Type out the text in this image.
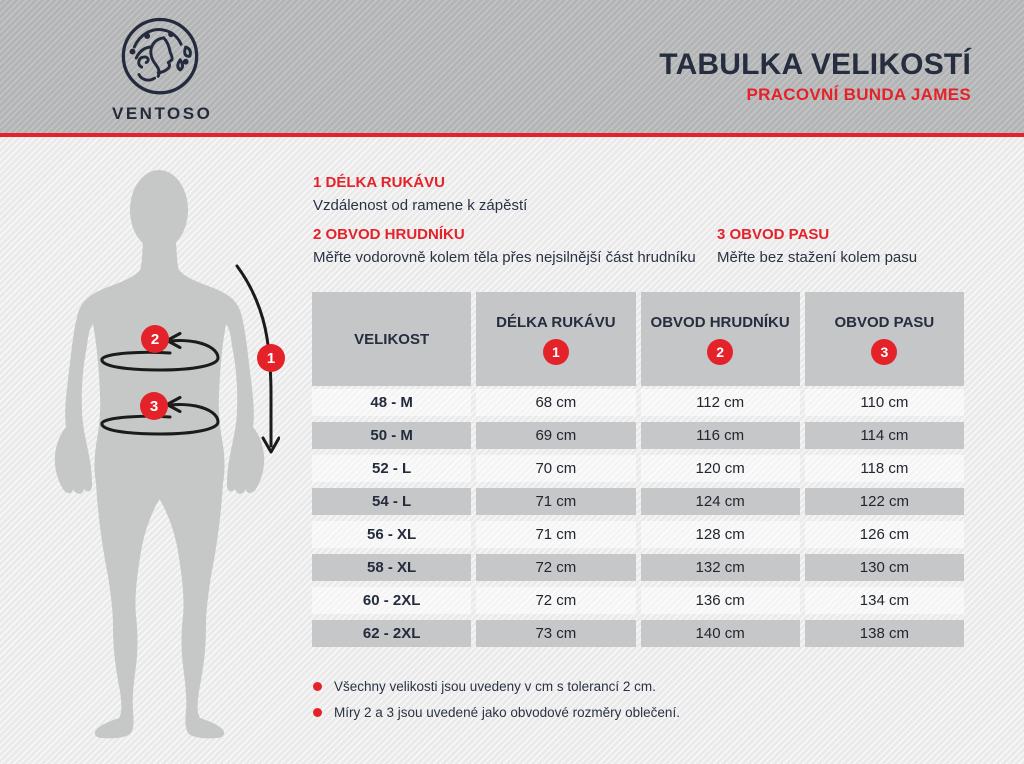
VENTOSO
TABULKA VELIKOSTÍ
PRACOVNÍ BUNDA JAMES
1
2
3
1 DÉLKA RUKÁVU
Vzdálenost od ramene k zápěstí
2 OBVOD HRUDNÍKU
Měřte vodorovně kolem těla přes nejsilnější část hrudníku
3 OBVOD PASU
Měřte bez stažení kolem pasu
VELIKOST
DÉLKA RUKÁVU
1
OBVOD HRUDNÍKU
2
OBVOD PASU
3
48 - M	68 cm	112 cm	110 cm
50 - M	69 cm	116 cm	114 cm
52 - L	70 cm	120 cm	118 cm
54 - L	71 cm	124 cm	122 cm
56 - XL	71 cm	128 cm	126 cm
58 - XL	72 cm	132 cm	130 cm
60 - 2XL	72 cm	136 cm	134 cm
62 - 2XL	73 cm	140 cm	138 cm
Všechny velikosti jsou uvedeny v cm s tolerancí 2 cm.
Míry 2 a 3 jsou uvedené jako obvodové rozměry oblečení.
